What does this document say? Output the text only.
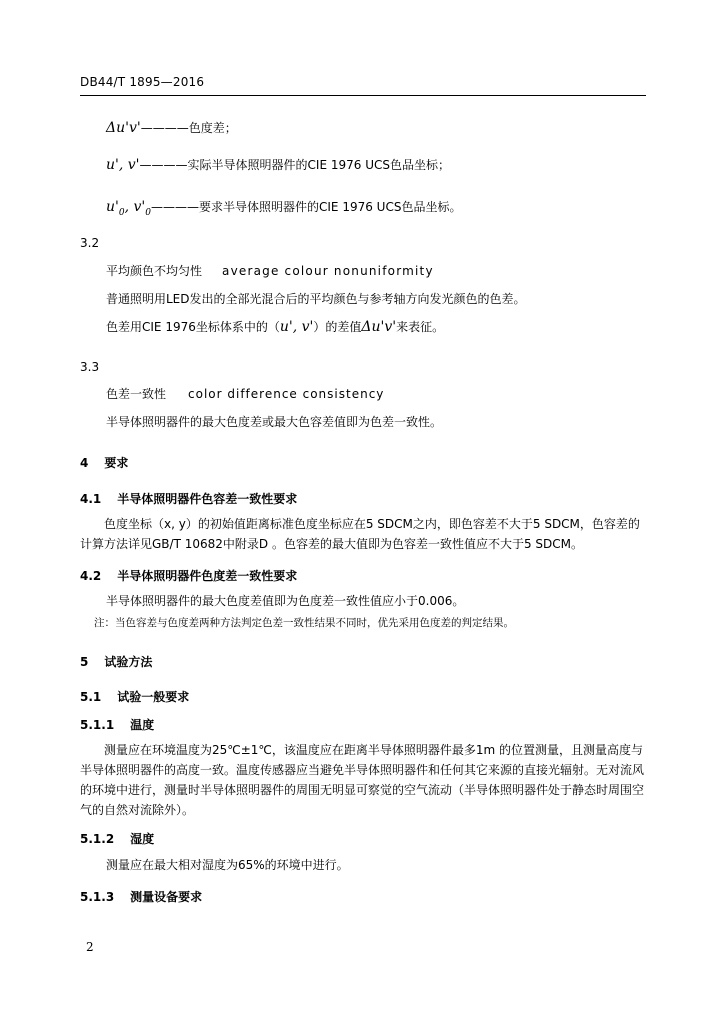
DB44/T 1895—2016
Δu'v'————色度差；
u', v'————实际半导体照明器件的CIE 1976 UCS色品坐标；
$u'_0$, $v'_0————$要求半导体照明器件的CIE 1976 UCS色品坐标。
3.2
平均颜色不均匀性 average colour nonuniformity
普通照明用LED发出的全部光混合后的平均颜色与参考轴方向发光颜色的色差。
色差用CIE 1976坐标体系中的（u', v'）的差值Δu'v'来表征。
3.3
色差一致性 color difference consistency
半导体照明器件的最大色度差或最大色容差值即为色差一致性。
4 要求
4.1 半导体照明器件色容差一致性要求
色度坐标（x, y）的初始值距离标准色度坐标应在5 SDCM之内，即色容差不大于5 SDCM，色容差的计算方法详见GB/T 10682中附录D 。色容差的最大值即为色容差一致性值应不大于5 SDCM。
4.2 半导体照明器件色度差一致性要求
半导体照明器件的最大色度差值即为色度差一致性值应小于0.006。
注：当色容差与色度差两种方法判定色差一致性结果不同时，优先采用色度差的判定结果。
5 试验方法
5.1 试验一般要求
5.1.1 温度
测量应在环境温度为25℃±1℃，该温度应在距离半导体照明器件最多1m 的位置测量，且测量高度与半导体照明器件的高度一致。温度传感器应当避免半导体照明器件和任何其它来源的直接光辐射。无对流风的环境中进行，测量时半导体照明器件的周围无明显可察觉的空气流动（半导体照明器件处于静态时周围空气的自然对流除外）。
5.1.2 湿度
测量应在最大相对湿度为65%的环境中进行。
5.1.3 测量设备要求
2
